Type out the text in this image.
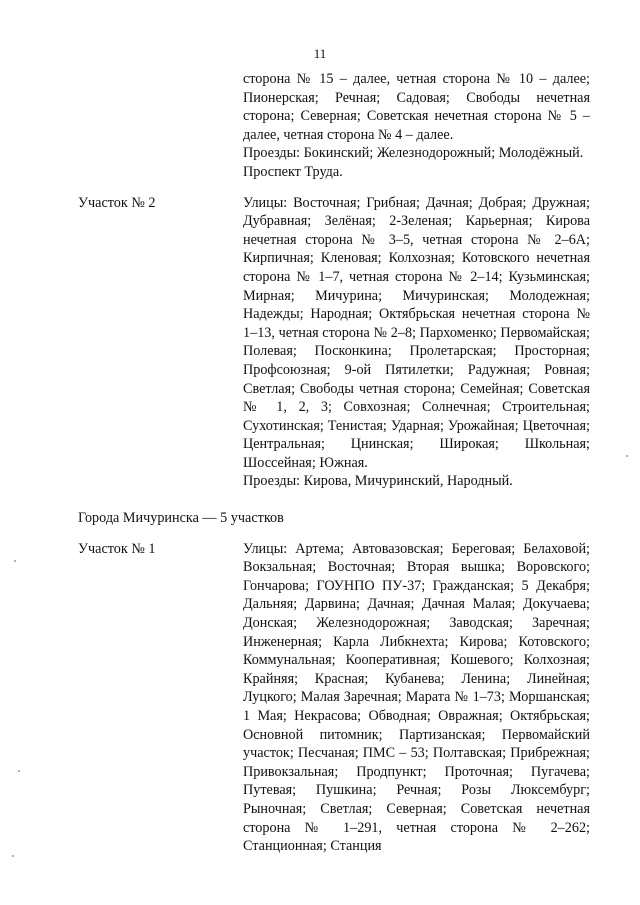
11

сторона № 15 – далее, четная сторона № 10 – далее; Пионерская; Речная; Садовая; Свободы нечетная сторона; Северная; Советская нечетная сторона № 5 – далее, четная сторона № 4 – далее.

Проезды: Бокинский; Железнодорожный; Молодёжный.

Проспект Труда.

Участок № 2	Улицы: Восточная; Грибная; Дачная; Добрая; Дружная; Дубравная; Зелёная; 2-Зеленая; Карьерная; Кирова нечетная сторона № 3–5, четная сторона № 2–6А; Кирпичная; Кленовая; Колхозная; Котовского нечетная сторона № 1–7, четная сторона № 2–14; Кузьминская; Мирная; Мичурина; Мичуринская; Молодежная; Надежды; Народная; Октябрьская нечетная сторона № 1–13, четная сторона № 2–8; Пархоменко; Первомайская; Полевая; Посконкина; Пролетарская; Просторная; Профсоюзная; 9-ой Пятилетки; Радужная; Ровная; Светлая; Свободы четная сторона; Семейная; Советская № 1, 2, 3; Совхозная; Солнечная; Строительная; Сухотинская; Тенистая; Ударная; Урожайная; Цветочная; Центральная; Цнинская; Широкая; Школьная; Шоссейная; Южная.

Проезды: Кирова, Мичуринский, Народный.

Города Мичуринска — 5 участков

Участок № 1	Улицы: Артема; Автовазовская; Береговая; Белаховой; Вокзальная; Восточная; Вторая вышка; Воровского; Гончарова; ГОУНПО ПУ-37; Гражданская; 5 Декабря; Дальняя; Дарвина; Дачная; Дачная Малая; Докучаева; Донская; Железнодорожная; Заводская; Заречная; Инженерная; Карла Либкнехта; Кирова; Котовского; Коммунальная; Кооперативная; Кошевого; Колхозная; Крайняя; Красная; Кубанева; Ленина; Линейная; Луцкого; Малая Заречная; Марата № 1–73; Моршанская; 1 Мая; Некрасова; Обводная; Овражная; Октябрьская; Основной питомник; Партизанская; Первомайский участок; Песчаная; ПМС – 53; Полтавская; Прибрежная; Привокзальная; Продпункт; Проточная; Пугачева; Путевая; Пушкина; Речная; Розы Люксембург; Рыночная; Светлая; Северная; Советская нечетная сторона № 1–291, четная сторона № 2–262; Станционная; Станция
